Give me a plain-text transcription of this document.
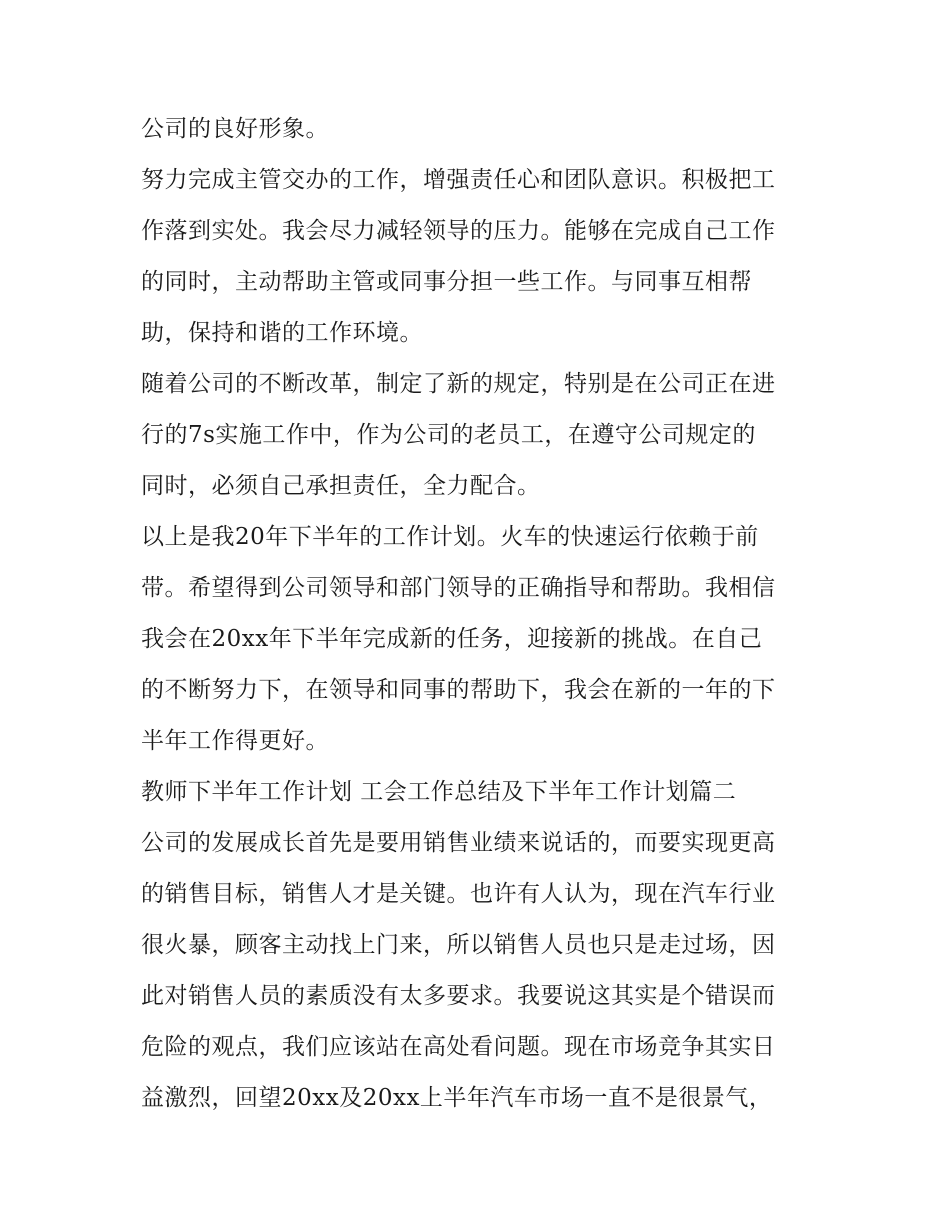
公司的良好形象。
努力完成主管交办的工作，增强责任心和团队意识。积极把工
作落到实处。我会尽力减轻领导的压力。能够在完成自己工作
的同时，主动帮助主管或同事分担一些工作。与同事互相帮
助，保持和谐的工作环境。
随着公司的不断改革，制定了新的规定，特别是在公司正在进
行的7s实施工作中，作为公司的老员工，在遵守公司规定的
同时，必须自己承担责任，全力配合。
以上是我20年下半年的工作计划。火车的快速运行依赖于前
带。希望得到公司领导和部门领导的正确指导和帮助。我相信
我会在20xx年下半年完成新的任务，迎接新的挑战。在自己
的不断努力下，在领导和同事的帮助下，我会在新的一年的下
半年工作得更好。
教师下半年工作计划 工会工作总结及下半年工作计划篇二
公司的发展成长首先是要用销售业绩来说话的，而要实现更高
的销售目标，销售人才是关键。也许有人认为，现在汽车行业
很火暴，顾客主动找上门来，所以销售人员也只是走过场，因
此对销售人员的素质没有太多要求。我要说这其实是个错误而
危险的观点，我们应该站在高处看问题。现在市场竞争其实日
益激烈，回望20xx及20xx上半年汽车市场一直不是很景气，
